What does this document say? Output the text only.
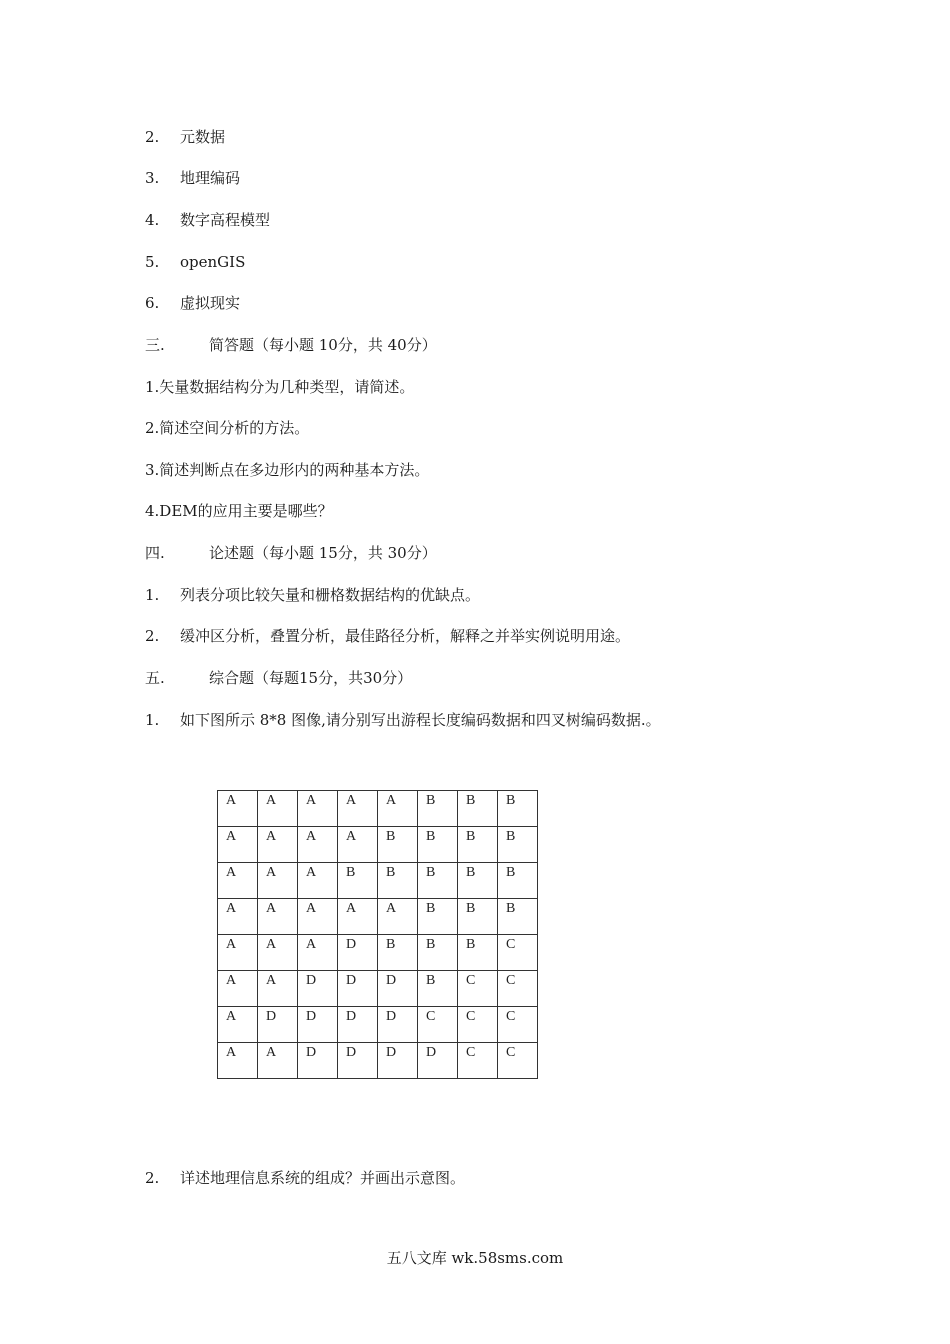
2. 元数据
3. 地理编码
4. 数字高程模型
5. openGIS
6. 虚拟现实
三.	简答题（每小题 10分，共 40分）
1.矢量数据结构分为几种类型，请简述。
2.简述空间分析的方法。
3.简述判断点在多边形内的两种基本方法。
4.DEM的应用主要是哪些？
四.	论述题（每小题 15分，共 30分）
1. 列表分项比较矢量和栅格数据结构的优缺点。
2. 缓冲区分析，叠置分析，最佳路径分析，解释之并举实例说明用途。
五.	综合题（每题15分，共30分）
1. 如下图所示 8*8 图像,请分别写出游程长度编码数据和四叉树编码数据.。
A	A	A	A	A	B	B	B
A	A	A	A	B	B	B	B
A	A	A	B	B	B	B	B
A	A	A	A	A	B	B	B
A	A	A	D	B	B	B	C
A	A	D	D	D	B	C	C
A	D	D	D	D	C	C	C
A	A	D	D	D	D	C	C
2. 详述地理信息系统的组成？并画出示意图。
五八文库 wk.58sms.com
